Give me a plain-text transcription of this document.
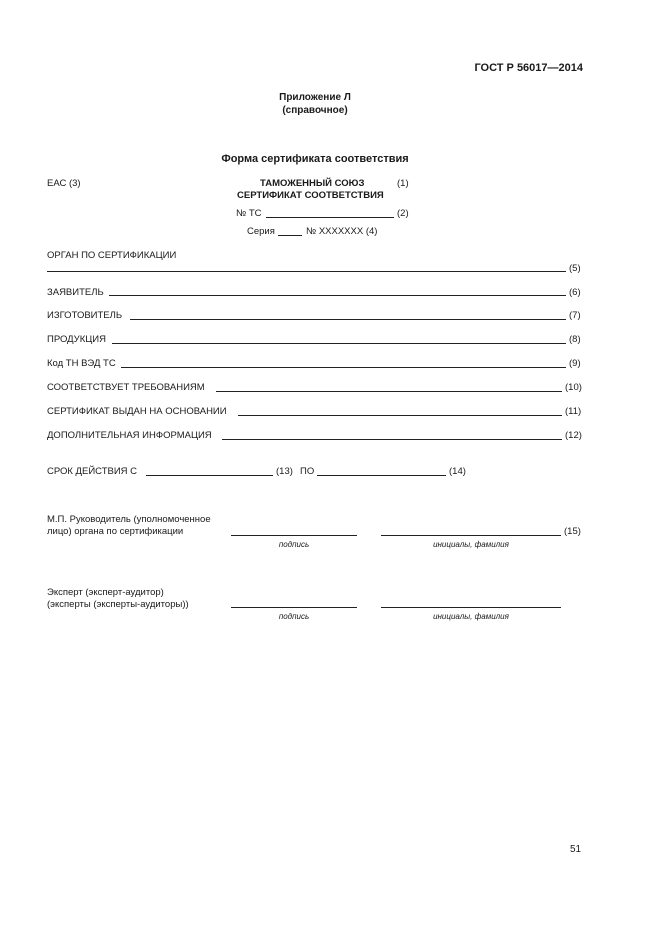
ГОСТ Р 56017—2014
Приложение Л
(справочное)
Форма сертификата соответствия
ЕАС (3)	ТАМОЖЕННЫЙ СОЮЗ	(1)
СЕРТИФИКАТ СООТВЕТСТВИЯ
№ ТС	(2)
Серия	№ XXXXXXX (4)
ОРГАН ПО СЕРТИФИКАЦИИ
(5)
ЗАЯВИТЕЛЬ	(6)
ИЗГОТОВИТЕЛЬ	(7)
ПРОДУКЦИЯ	(8)
Код ТН ВЭД ТС	(9)
СООТВЕТСТВУЕТ ТРЕБОВАНИЯМ	(10)
СЕРТИФИКАТ ВЫДАН НА ОСНОВАНИИ	(11)
ДОПОЛНИТЕЛЬНАЯ ИНФОРМАЦИЯ	(12)
СРОК ДЕЙСТВИЯ С	(13) ПО	(14)
М.П. Руководитель (уполномоченное
лицо) органа по сертификации	(15)
подпись	инициалы, фамилия
Эксперт (эксперт-аудитор)
(эксперты (эксперты-аудиторы))
подпись	инициалы, фамилия
51
